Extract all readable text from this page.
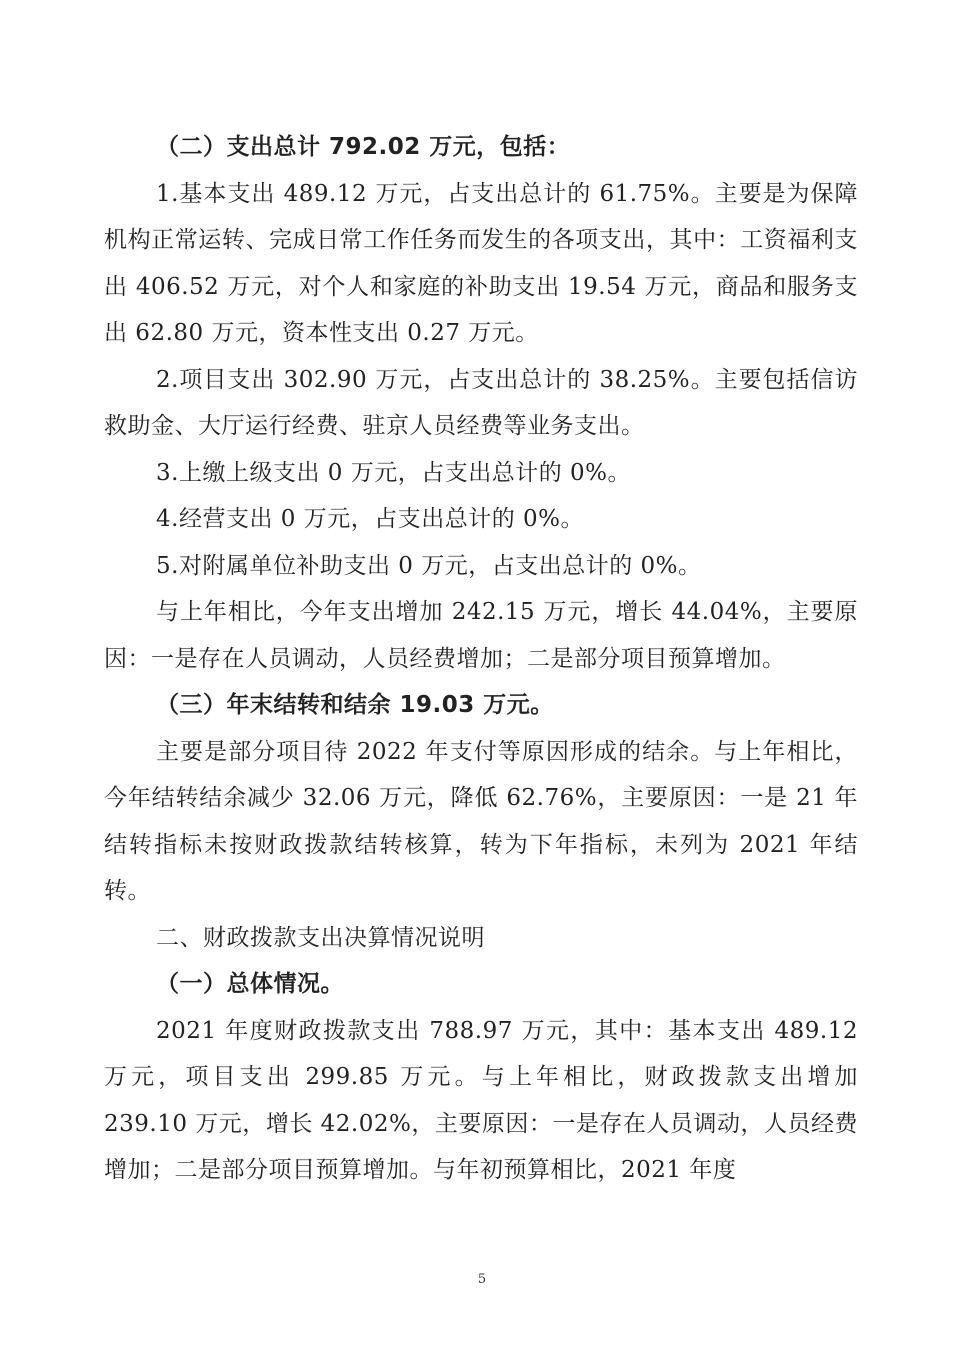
（二）支出总计 792.02 万元，包括：

1.基本支出 489.12 万元，占支出总计的 61.75%。主要是为保障机构正常运转、完成日常工作任务而发生的各项支出，其中：工资福利支出 406.52 万元，对个人和家庭的补助支出 19.54 万元，商品和服务支出 62.80 万元，资本性支出 0.27 万元。

2.项目支出 302.90 万元，占支出总计的 38.25%。主要包括信访救助金、大厅运行经费、驻京人员经费等业务支出。

3.上缴上级支出 0 万元，占支出总计的 0%。

4.经营支出 0 万元，占支出总计的 0%。

5.对附属单位补助支出 0 万元，占支出总计的 0%。

与上年相比，今年支出增加 242.15 万元，增长 44.04%，主要原因：一是存在人员调动，人员经费增加；二是部分项目预算增加。

（三）年末结转和结余 19.03 万元。

主要是部分项目待 2022 年支付等原因形成的结余。与上年相比，今年结转结余减少 32.06 万元，降低 62.76%，主要原因：一是 21 年结转指标未按财政拨款结转核算，转为下年指标，未列为 2021 年结转。

二、财政拨款支出决算情况说明

（一）总体情况。

2021 年度财政拨款支出 788.97 万元，其中：基本支出 489.12 万元，项目支出 299.85 万元。与上年相比，财政拨款支出增加 239.10 万元，增长 42.02%，主要原因：一是存在人员调动，人员经费增加；二是部分项目预算增加。与年初预算相比，2021 年度

5
